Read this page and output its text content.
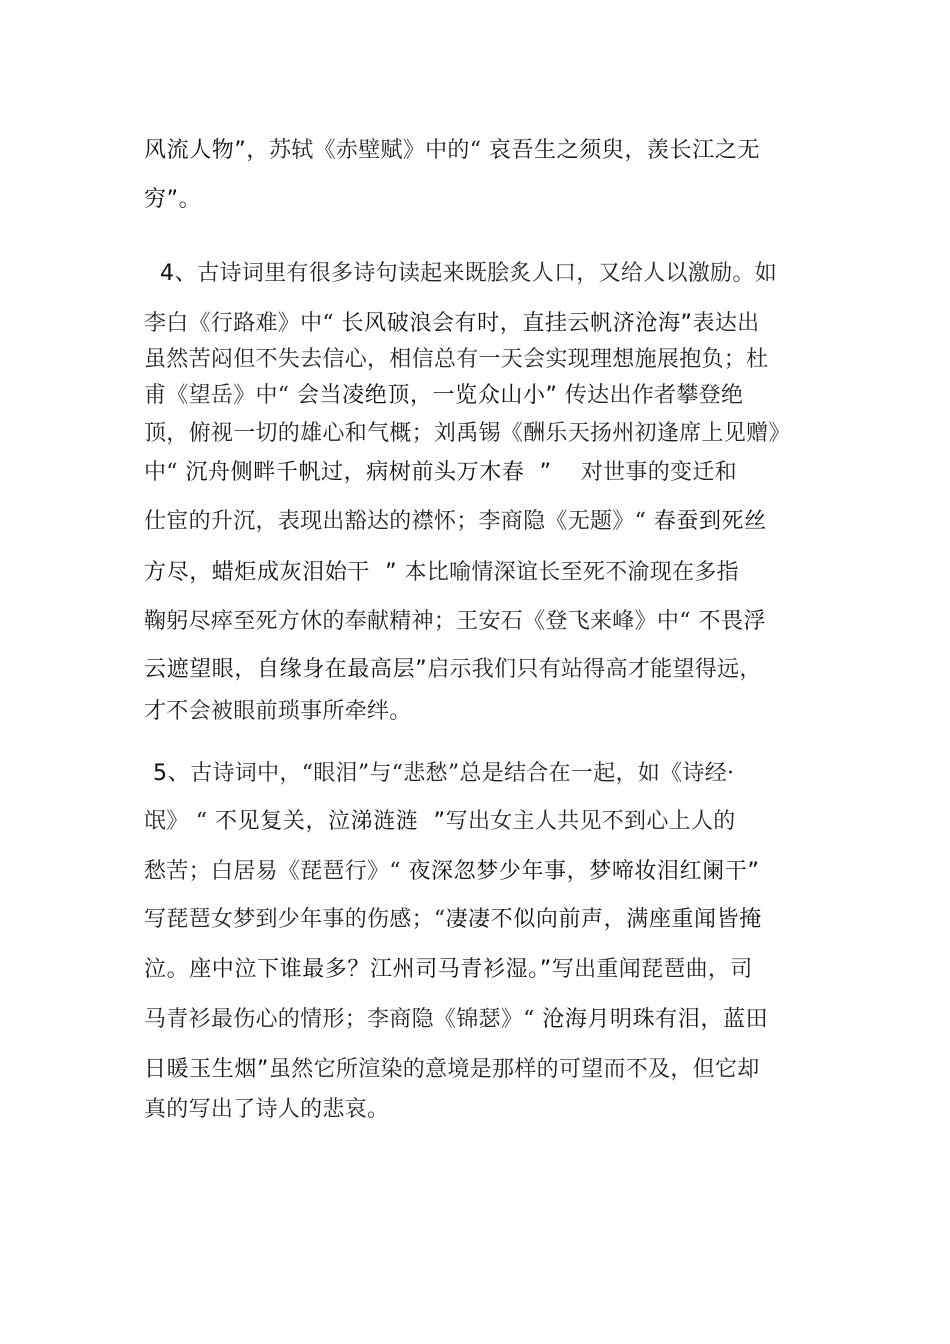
风流人物”，苏轼《赤壁赋》中的“ 哀吾生之须臾，羡长江之无
穷”。
4、古诗词里有很多诗句读起来既脍炙人口，又给人以激励。如
李白《行路难》中“ 长风破浪会有时，直挂云帆济沧海”表达出
虽然苦闷但不失去信心，相信总有一天会实现理想施展抱负；杜
甫《望岳》中“ 会当凌绝顶，一览众山小” 传达出作者攀登绝
顶，俯视一切的雄心和气概；刘禹锡《酬乐天扬州初逢席上见赠》
中“ 沉舟侧畔千帆过，病树前头万木春  ”    对世事的变迁和
仕宦的升沉，表现出豁达的襟怀；李商隐《无题》“ 春蚕到死丝
方尽，蜡炬成灰泪始干  ” 本比喻情深谊长至死不渝现在多指
鞠躬尽瘁至死方休的奉献精神；王安石《登飞来峰》中“ 不畏浮
云遮望眼，自缘身在最高层”启示我们只有站得高才能望得远，
才不会被眼前琐事所牵绊。
5、古诗词中，“眼泪”与“悲愁”总是结合在一起，如《诗经·
氓》 “ 不见复关，泣涕涟涟  ”写出女主人共见不到心上人的
愁苦；白居易《琵琶行》“ 夜深忽梦少年事，梦啼妆泪红阑干”
写琵琶女梦到少年事的伤感；“凄凄不似向前声，满座重闻皆掩
泣。座中泣下谁最多？江州司马青衫湿。”写出重闻琵琶曲，司
马青衫最伤心的情形；李商隐《锦瑟》“ 沧海月明珠有泪，蓝田
日暖玉生烟”虽然它所渲染的意境是那样的可望而不及，但它却
真的写出了诗人的悲哀。
